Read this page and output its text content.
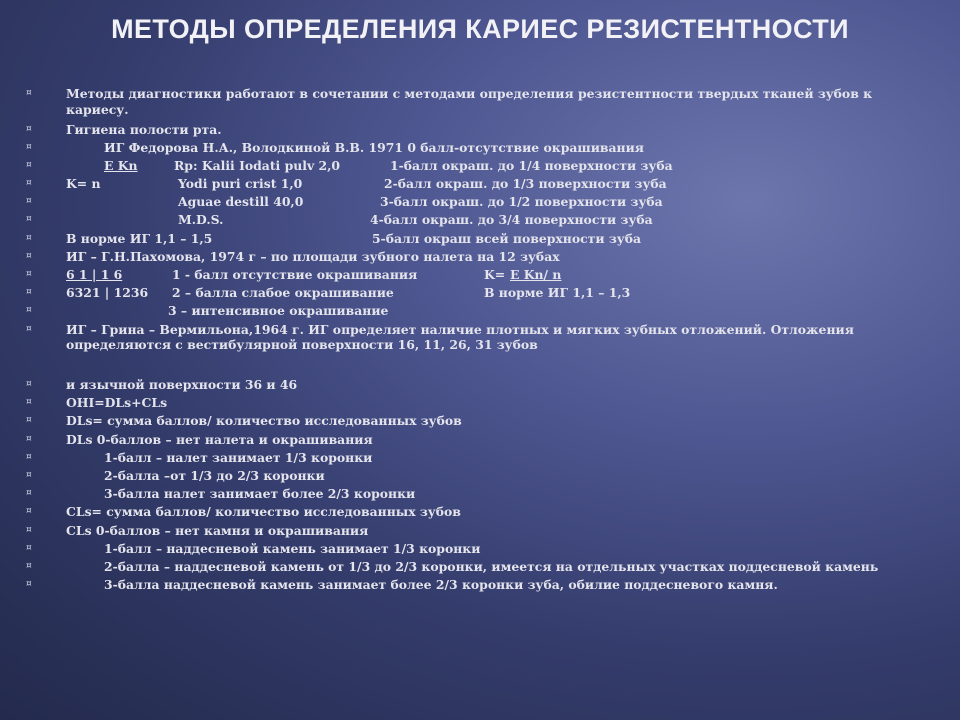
МЕТОДЫ ОПРЕДЕЛЕНИЯ КАРИЕС РЕЗИСТЕНТНОСТИ
¤	Методы диагностики работают в сочетании с методами определения резистентности твердых тканей зубов к кариесу.
¤	Гигиена полости рта.
¤	ИГ Федорова Н.А., Володкиной В.В. 1971 0 балл-отсутствие окрашивания
¤	E Kn	Rp: Kalii Iodati pulv 2,0	1-балл окраш. до 1/4 поверхности зуба
¤	K= n	Yodi puri crist 1,0	2-балл окраш. до 1/3 поверхности зуба
¤	Aguae destill 40,0	3-балл окраш. до 1/2 поверхности зуба
¤	M.D.S.	4-балл окраш. до 3/4 поверхности зуба
¤	В норме ИГ 1,1 – 1,5	5-балл окраш всей поверхности зуба
¤	ИГ – Г.Н.Пахомова, 1974 г – по площади зубного налета на 12 зубах
¤	6 1 | 1 6	1 - балл отсутствие окрашивания	K= E Kn/ n
¤	6321 | 1236 2 – балла слабое окрашивание	В норме ИГ 1,1 – 1,3
¤	3 – интенсивное окрашивание
¤	ИГ – Грина – Вермильона,1964 г. ИГ определяет наличие плотных и мягких зубных отложений. Отложения определяются с вестибулярной поверхности 16, 11, 26, 31 зубов
¤	и язычной поверхности 36 и 46
¤	OHI=DLs+CLs
¤	DLs= сумма баллов/ количество исследованных зубов
¤	DLs 0-баллов – нет налета и окрашивания
¤	1-балл – налет занимает 1/3 коронки
¤	2-балла –от 1/3 до 2/3 коронки
¤	3-балла налет занимает более 2/3 коронки
¤	CLs= сумма баллов/ количество исследованных зубов
¤	CLs 0-баллов – нет камня и окрашивания
¤	1-балл – наддесневой камень занимает 1/3 коронки
¤	2-балла – наддесневой камень от 1/3 до 2/3 коронки, имеется на отдельных участках поддесневой камень
¤	3-балла наддесневой камень занимает более 2/3 коронки зуба, обилие поддесневого камня.
